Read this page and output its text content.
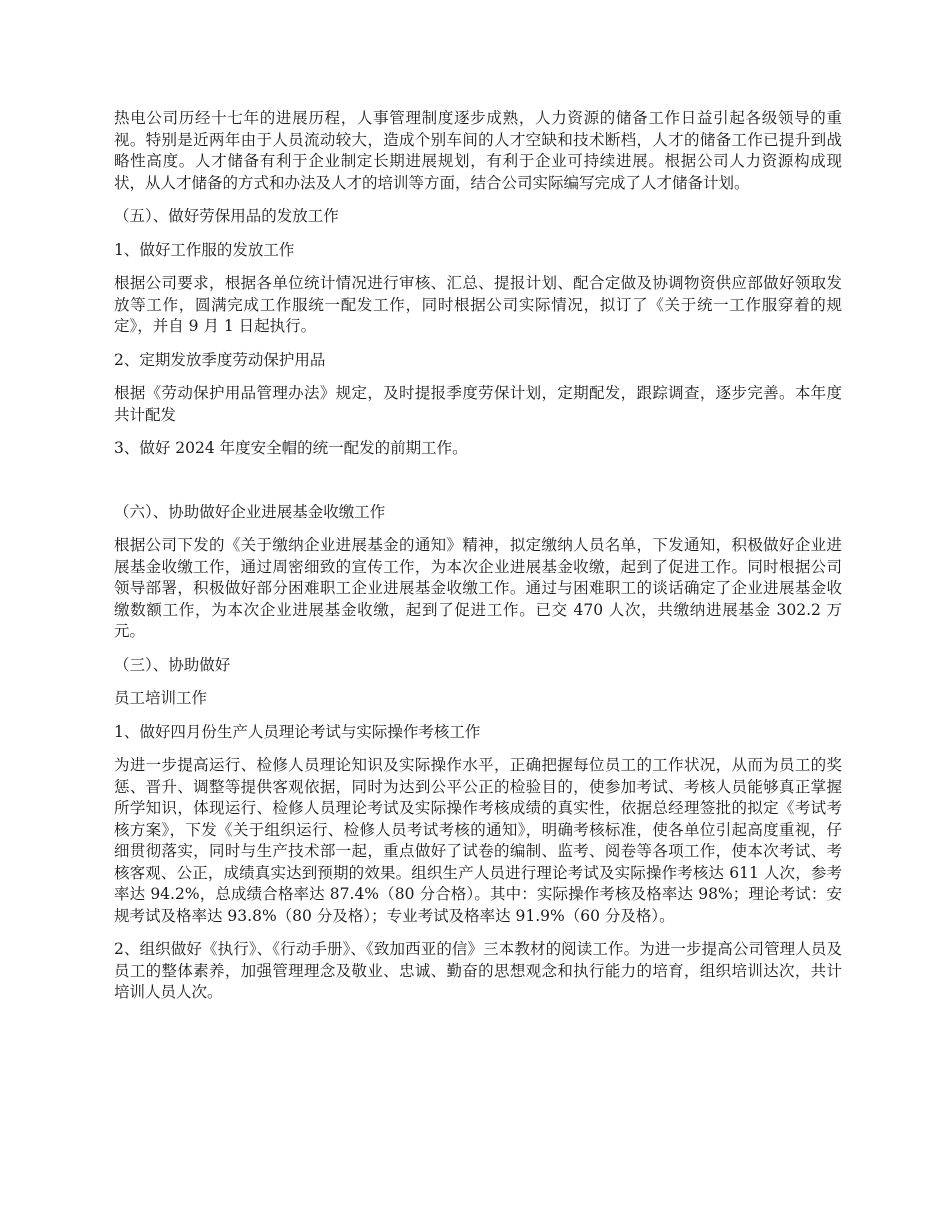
热电公司历经十七年的进展历程，人事管理制度逐步成熟，人力资源的储备工作日益引起各级领导的重视。特别是近两年由于人员流动较大，造成个别车间的人才空缺和技术断档，人才的储备工作已提升到战略性高度。人才储备有利于企业制定长期进展规划，有利于企业可持续进展。根据公司人力资源构成现状，从人才储备的方式和办法及人才的培训等方面，结合公司实际编写完成了人才储备计划。

（五）、做好劳保用品的发放工作

1、做好工作服的发放工作

根据公司要求，根据各单位统计情况进行审核、汇总、提报计划、配合定做及协调物资供应部做好领取发放等工作，圆满完成工作服统一配发工作，同时根据公司实际情况，拟订了《关于统一工作服穿着的规定》，并自 9 月 1 日起执行。

2、定期发放季度劳动保护用品

根据《劳动保护用品管理办法》规定，及时提报季度劳保计划，定期配发，跟踪调查，逐步完善。本年度共计配发

3、做好 2024 年度安全帽的统一配发的前期工作。

（六）、协助做好企业进展基金收缴工作

根据公司下发的《关于缴纳企业进展基金的通知》精神，拟定缴纳人员名单，下发通知，积极做好企业进展基金收缴工作，通过周密细致的宣传工作，为本次企业进展基金收缴，起到了促进工作。同时根据公司领导部署，积极做好部分困难职工企业进展基金收缴工作。通过与困难职工的谈话确定了企业进展基金收缴数额工作，为本次企业进展基金收缴，起到了促进工作。已交 470 人次，共缴纳进展基金 302.2 万元。

（三）、协助做好

员工培训工作

1、做好四月份生产人员理论考试与实际操作考核工作

为进一步提高运行、检修人员理论知识及实际操作水平，正确把握每位员工的工作状况，从而为员工的奖惩、晋升、调整等提供客观依据，同时为达到公平公正的检验目的，使参加考试、考核人员能够真正掌握所学知识，体现运行、检修人员理论考试及实际操作考核成绩的真实性，依据总经理签批的拟定《考试考核方案》，下发《关于组织运行、检修人员考试考核的通知》，明确考核标准，使各单位引起高度重视，仔细贯彻落实，同时与生产技术部一起，重点做好了试卷的编制、监考、阅卷等各项工作，使本次考试、考核客观、公正，成绩真实达到预期的效果。组织生产人员进行理论考试及实际操作考核达 611 人次，参考率达 94.2%，总成绩合格率达 87.4%（80 分合格）。其中：实际操作考核及格率达 98%；理论考试：安规考试及格率达 93.8%（80 分及格）；专业考试及格率达 91.9%（60 分及格）。

2、组织做好《执行》、《行动手册》、《致加西亚的信》三本教材的阅读工作。为进一步提高公司管理人员及员工的整体素养，加强管理理念及敬业、忠诚、勤奋的思想观念和执行能力的培育，组织培训达次，共计培训人员人次。
